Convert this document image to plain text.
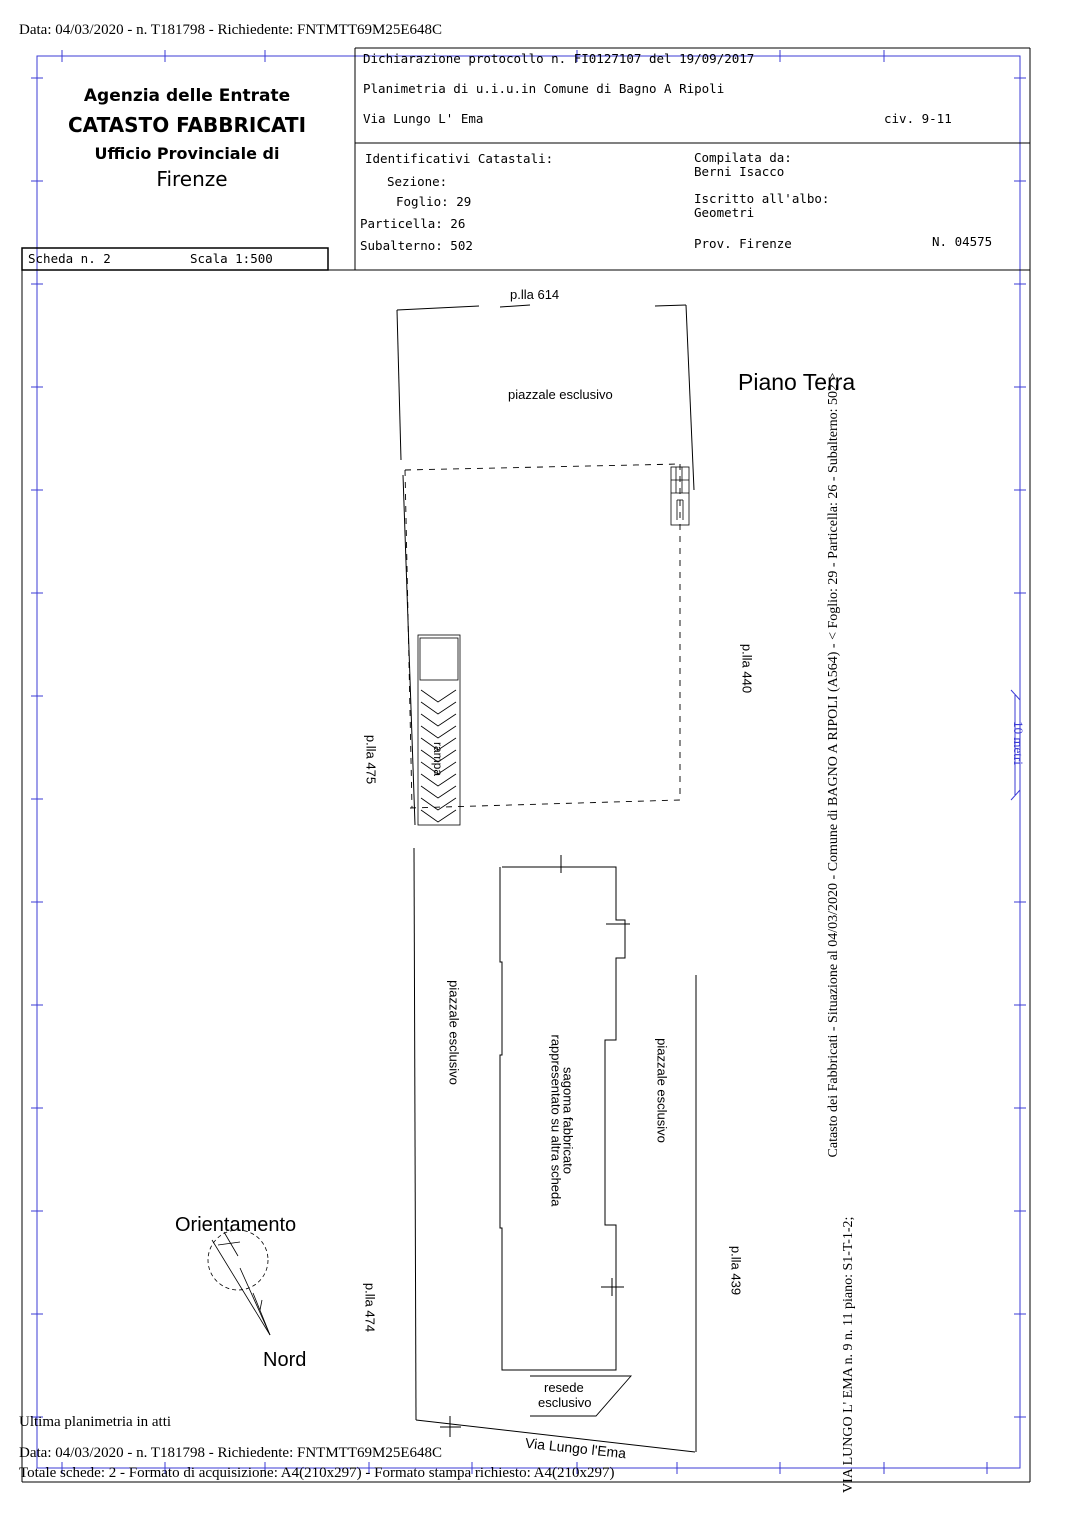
Data: 04/03/2020 - n. T181798 - Richiedente: FNTMTT69M25E648C
Agenzia delle Entrate
CATASTO FABBRICATI
Ufficio Provinciale di
Firenze
Scheda n. 2	Scala 1:500
Dichiarazione protocollo n. FI0127107 del 19/09/2017
Planimetria di u.i.u.in Comune di Bagno A Ripoli
Via Lungo L' Ema	civ. 9-11
Identificativi Catastali:
Sezione:
Foglio: 29
Particella: 26
Subalterno: 502
Compilata da:
Berni Isacco
Iscritto all'albo:
Geometri
Prov. Firenze	N. 04575
p.lla 614
piazzale esclusivo	Piano Terra
p.lla 440
p.lla 475	rampa
piazzale esclusivo
sagoma fabbricato
rappresentato su altra scheda	piazzale esclusivo
p.lla 439
p.lla 474
resede
esclusivo
Via Lungo l'Ema
Orientamento
Nord
10 metri
Catasto dei Fabbricati - Situazione al 04/03/2020 - Comune di BAGNO A RIPOLI (A564) - < Foglio: 29 - Particella: 26 - Subalterno: 502 >
VIA LUNGO L' EMA n. 9 n. 11 piano: S1-T-1-2;
Ultima planimetria in atti
Data: 04/03/2020 - n. T181798 - Richiedente: FNTMTT69M25E648C
Totale schede: 2 - Formato di acquisizione: A4(210x297) - Formato stampa richiesto: A4(210x297)
